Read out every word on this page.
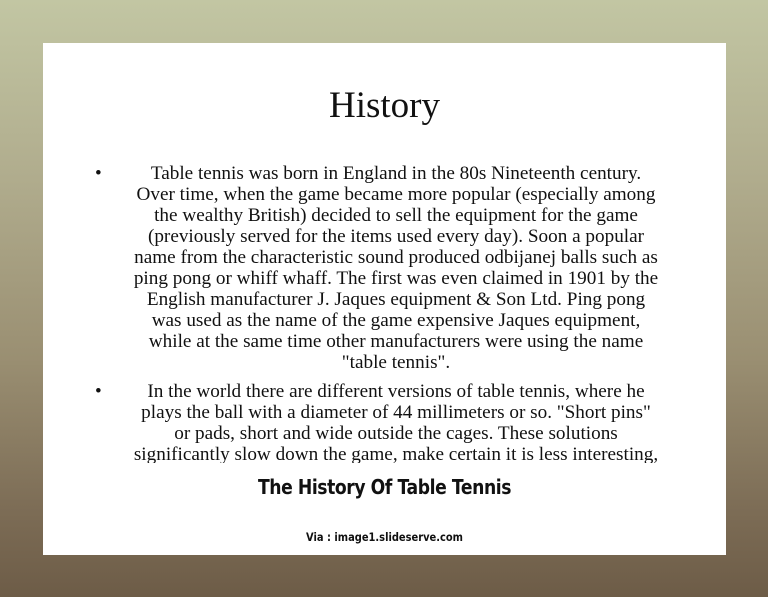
History
•	Table tennis was born in England in the 80s Nineteenth century.
Over time, when the game became more popular (especially among
the wealthy British) decided to sell the equipment for the game
(previously served for the items used every day). Soon a popular
name from the characteristic sound produced odbijanej balls such as
ping pong or whiff whaff. The first was even claimed in 1901 by the
English manufacturer J. Jaques equipment & Son Ltd. Ping pong
was used as the name of the game expensive Jaques equipment,
while at the same time other manufacturers were using the name
"table tennis".
•	In the world there are different versions of table tennis, where he
plays the ball with a diameter of 44 millimeters or so. "Short pins"
or pads, short and wide outside the cages. These solutions
significantly slow down the game, make certain it is less interesting,
The History Of Table Tennis
Via : image1.slideserve.com
